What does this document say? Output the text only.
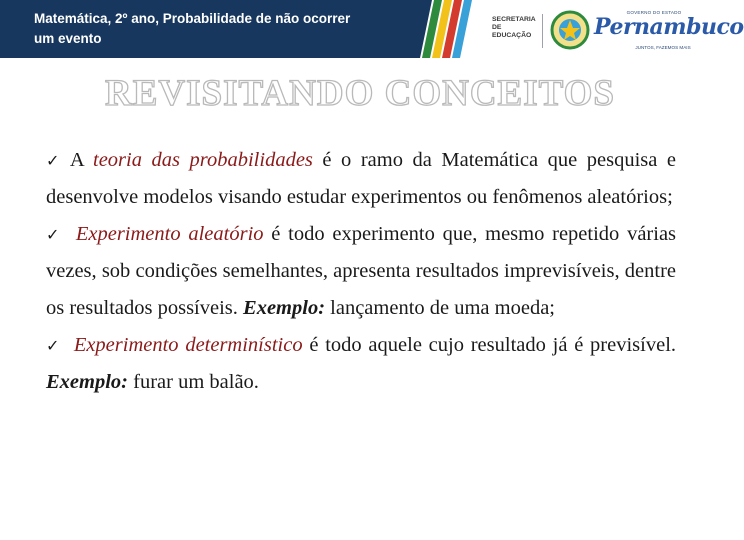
Matemática, 2º ano, Probabilidade de não ocorrer
um evento
SECRETARIA
DE EDUCAÇÃO
GOVERNO DO ESTADO
Pernambuco
JUNTOS, FAZEMOS MAIS
REVISITANDO CONCEITOS

✓ A teoria das probabilidades é o ramo da Matemática que pesquisa e desenvolve modelos visando estudar experimentos ou fenômenos aleatórios;

✓ Experimento aleatório é todo experimento que, mesmo repetido várias vezes, sob condições semelhantes, apresenta resultados imprevisíveis, dentre os resultados possíveis. Exemplo: lançamento de uma moeda;

✓ Experimento determinístico é todo aquele cujo resultado já é previsível. Exemplo: furar um balão.
